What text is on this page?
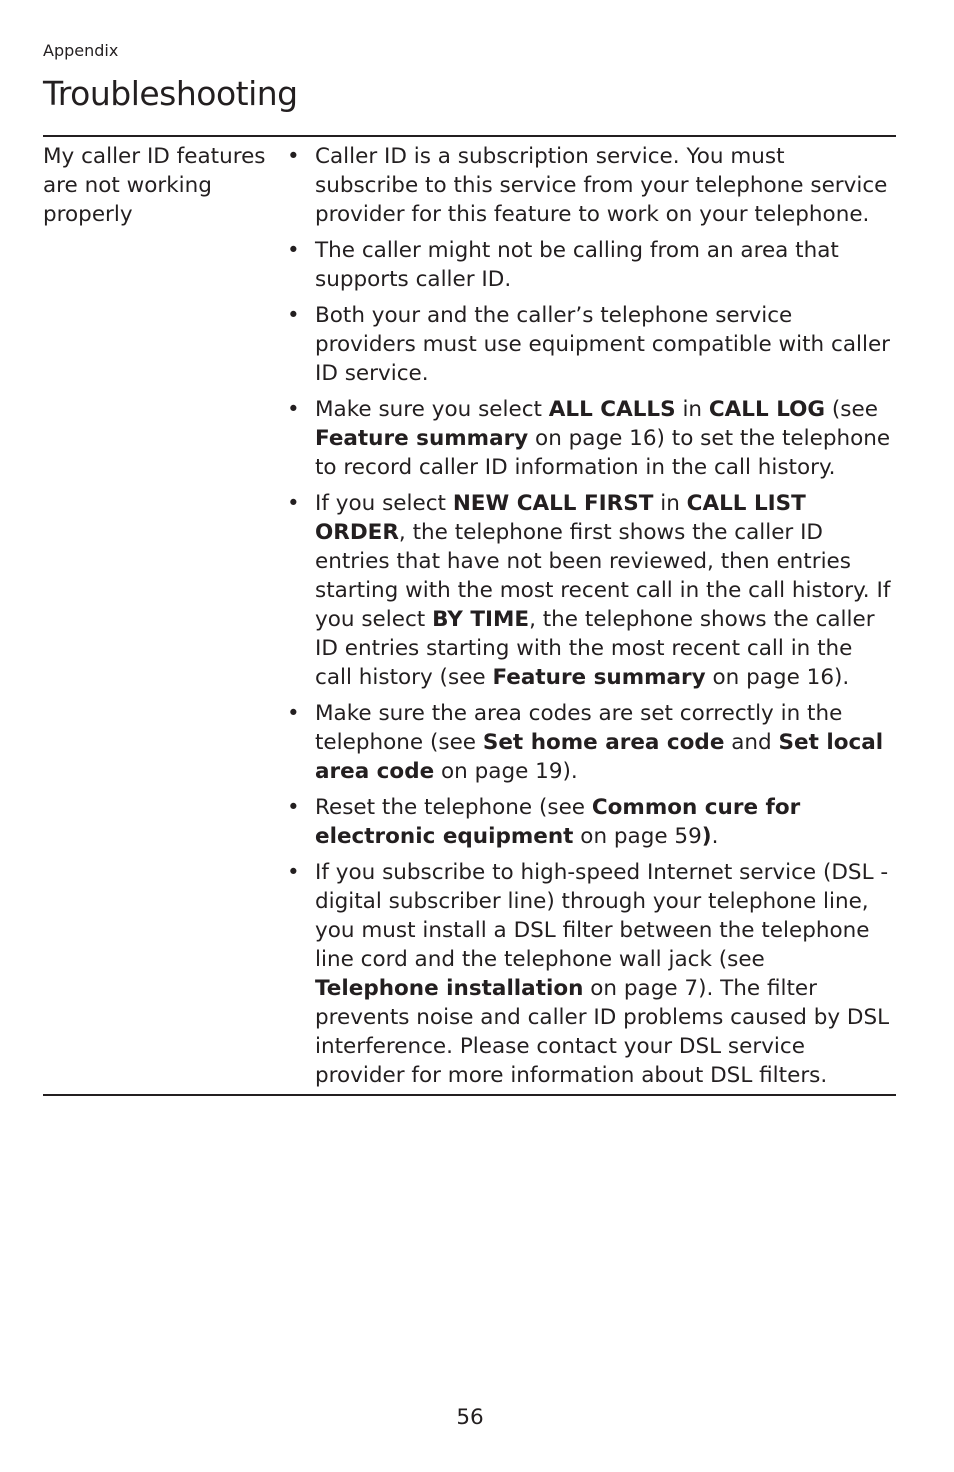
Appendix
Troubleshooting
My caller ID features are not working properly
• Caller ID is a subscription service. You must subscribe to this service from your telephone service provider for this feature to work on your telephone.
• The caller might not be calling from an area that supports caller ID.
• Both your and the caller’s telephone service providers must use equipment compatible with caller ID service.
• Make sure you select ALL CALLS in CALL LOG (see Feature summary on page 16) to set the telephone to record caller ID information in the call history.
• If you select NEW CALL FIRST in CALL LIST ORDER, the telephone first shows the caller ID entries that have not been reviewed, then entries starting with the most recent call in the call history. If you select BY TIME, the telephone shows the caller ID entries starting with the most recent call in the call history (see Feature summary on page 16).
• Make sure the area codes are set correctly in the telephone (see Set home area code and Set local area code on page 19).
• Reset the telephone (see Common cure for electronic equipment on page 59).
• If you subscribe to high-speed Internet service (DSL - digital subscriber line) through your telephone line, you must install a DSL filter between the telephone line cord and the telephone wall jack (see Telephone installation on page 7). The filter prevents noise and caller ID problems caused by DSL interference. Please contact your DSL service provider for more information about DSL filters.
56
